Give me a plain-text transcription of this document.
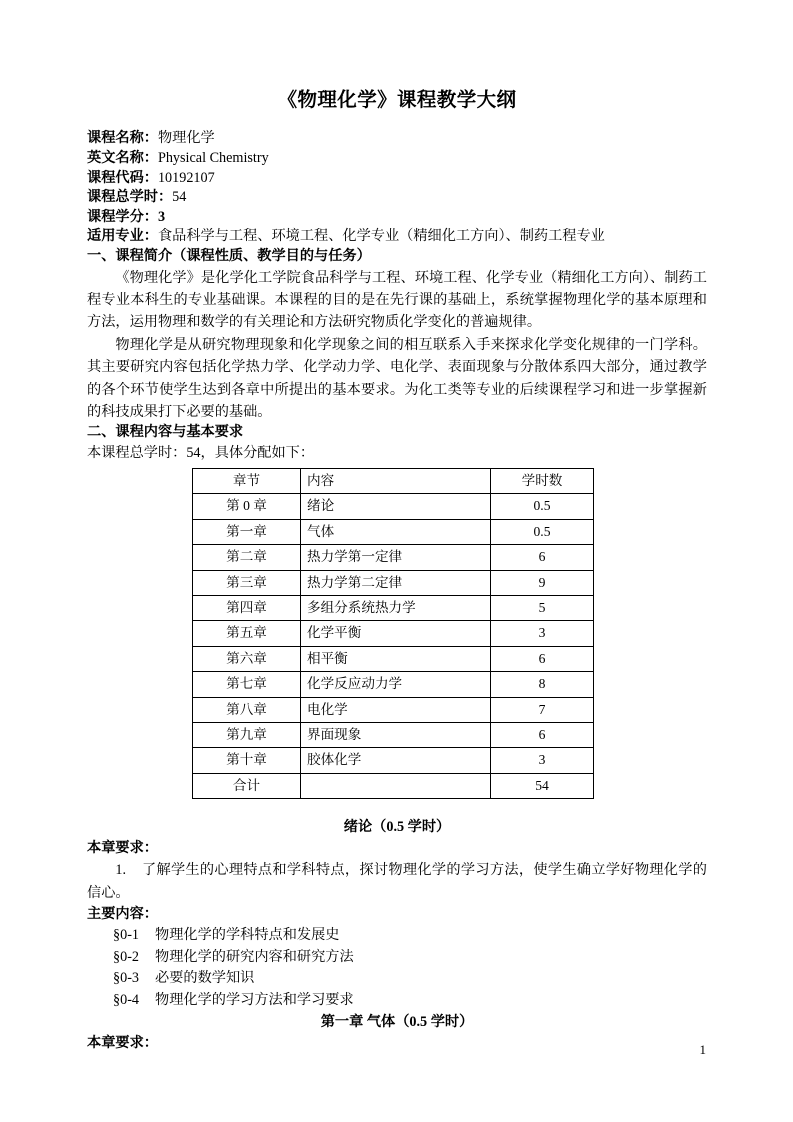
《物理化学》课程教学大纲

课程名称：物理化学

英文名称：Physical Chemistry

课程代码：10192107

课程总学时：54

课程学分：3

适用专业：食品科学与工程、环境工程、化学专业（精细化工方向）、制药工程专业

一、课程简介（课程性质、教学目的与任务）

《物理化学》是化学化工学院食品科学与工程、环境工程、化学专业（精细化工方向）、制药工程专业本科生的专业基础课。本课程的目的是在先行课的基础上，系统掌握物理化学的基本原理和方法，运用物理和数学的有关理论和方法研究物质化学变化的普遍规律。

物理化学是从研究物理现象和化学现象之间的相互联系入手来探求化学变化规律的一门学科。其主要研究内容包括化学热力学、化学动力学、电化学、表面现象与分散体系四大部分，通过教学的各个环节使学生达到各章中所提出的基本要求。为化工类等专业的后续课程学习和进一步掌握新的科技成果打下必要的基础。

二、课程内容与基本要求

本课程总学时：54，具体分配如下：

章节	内容	学时数
第 0 章	绪论	0.5
第一章	气体	0.5
第二章	热力学第一定律	6
第三章	热力学第二定律	9
第四章	多组分系统热力学	5
第五章	化学平衡	3
第六章	相平衡	6
第七章	化学反应动力学	8
第八章	电化学	7
第九章	界面现象	6
第十章	胶体化学	3
合计		54

绪论（0.5 学时）

本章要求：

1. 了解学生的心理特点和学科特点，探讨物理化学的学习方法，使学生确立学好物理化学的信心。

主要内容：

§0-1 物理化学的学科特点和发展史

§0-2 物理化学的研究内容和研究方法

§0-3 必要的数学知识

§0-4 物理化学的学习方法和学习要求

第一章 气体（0.5 学时）

本章要求：	1
